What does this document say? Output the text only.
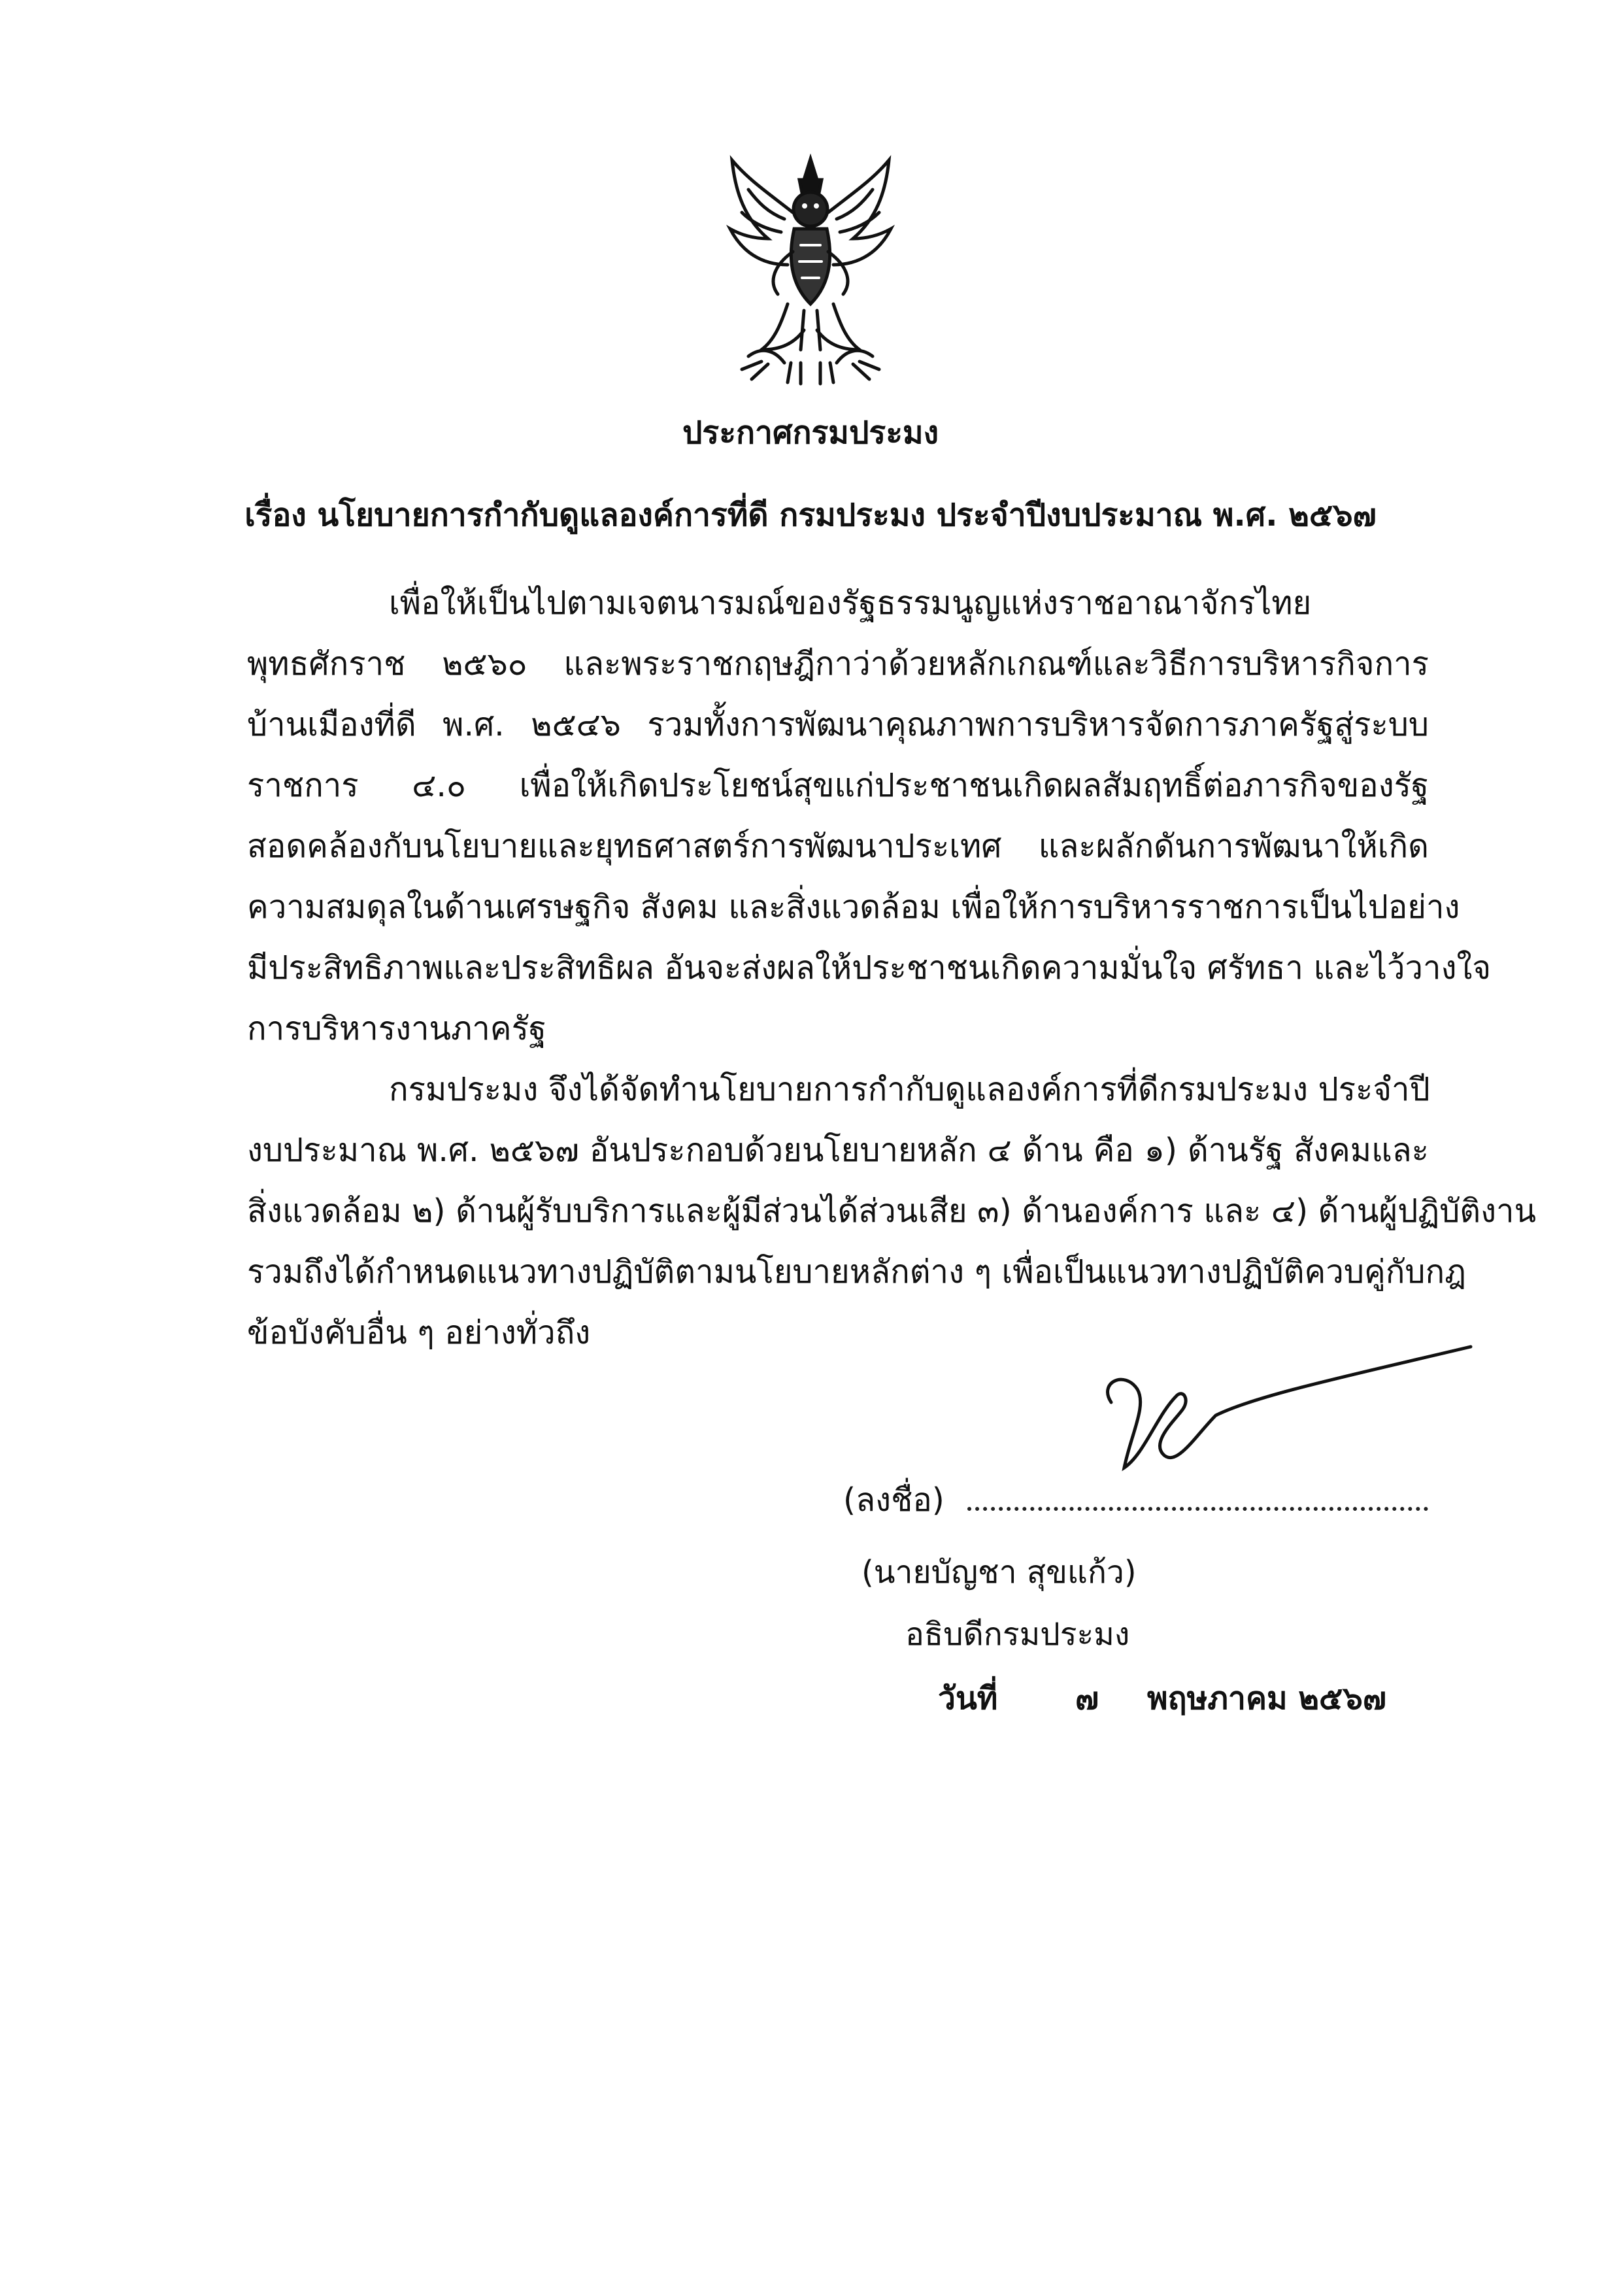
ประกาศกรมประมง
เรื่อง นโยบายการกำกับดูแลองค์การที่ดี กรมประมง ประจำปีงบประมาณ พ.ศ. ๒๕๖๗
เพื่อให้เป็นไปตามเจตนารมณ์ของรัฐธรรมนูญแห่งราชอาณาจักรไทย
พุทธศักราช ๒๕๖๐ และพระราชกฤษฎีกาว่าด้วยหลักเกณฑ์และวิธีการบริหารกิจการ
บ้านเมืองที่ดี พ.ศ. ๒๕๔๖ รวมทั้งการพัฒนาคุณภาพการบริหารจัดการภาครัฐสู่ระบบ
ราชการ ๔.๐ เพื่อให้เกิดประโยชน์สุขแก่ประชาชนเกิดผลสัมฤทธิ์ต่อภารกิจของรัฐ
สอดคล้องกับนโยบายและยุทธศาสตร์การพัฒนาประเทศ และผลักดันการพัฒนาให้เกิด
ความสมดุลในด้านเศรษฐกิจ สังคม และสิ่งแวดล้อม เพื่อให้การบริหารราชการเป็นไปอย่าง
มีประสิทธิภาพและประสิทธิผล อันจะส่งผลให้ประชาชนเกิดความมั่นใจ ศรัทธา และไว้วางใจ
การบริหารงานภาครัฐ
กรมประมง จึงได้จัดทำนโยบายการกำกับดูแลองค์การที่ดีกรมประมง ประจำปี
งบประมาณ พ.ศ. ๒๕๖๗ อันประกอบด้วยนโยบายหลัก ๔ ด้าน คือ ๑) ด้านรัฐ สังคมและ
สิ่งแวดล้อม ๒) ด้านผู้รับบริการและผู้มีส่วนได้ส่วนเสีย ๓) ด้านองค์การ และ ๔) ด้านผู้ปฏิบัติงาน
รวมถึงได้กำหนดแนวทางปฏิบัติตามนโยบายหลักต่าง ๆ เพื่อเป็นแนวทางปฏิบัติควบคู่กับกฎ
ข้อบังคับอื่น ๆ อย่างทั่วถึง
(ลงชื่อ)
(นายบัญชา สุขแก้ว)
อธิบดีกรมประมง
วันที่ ๗ พฤษภาคม ๒๕๖๗
